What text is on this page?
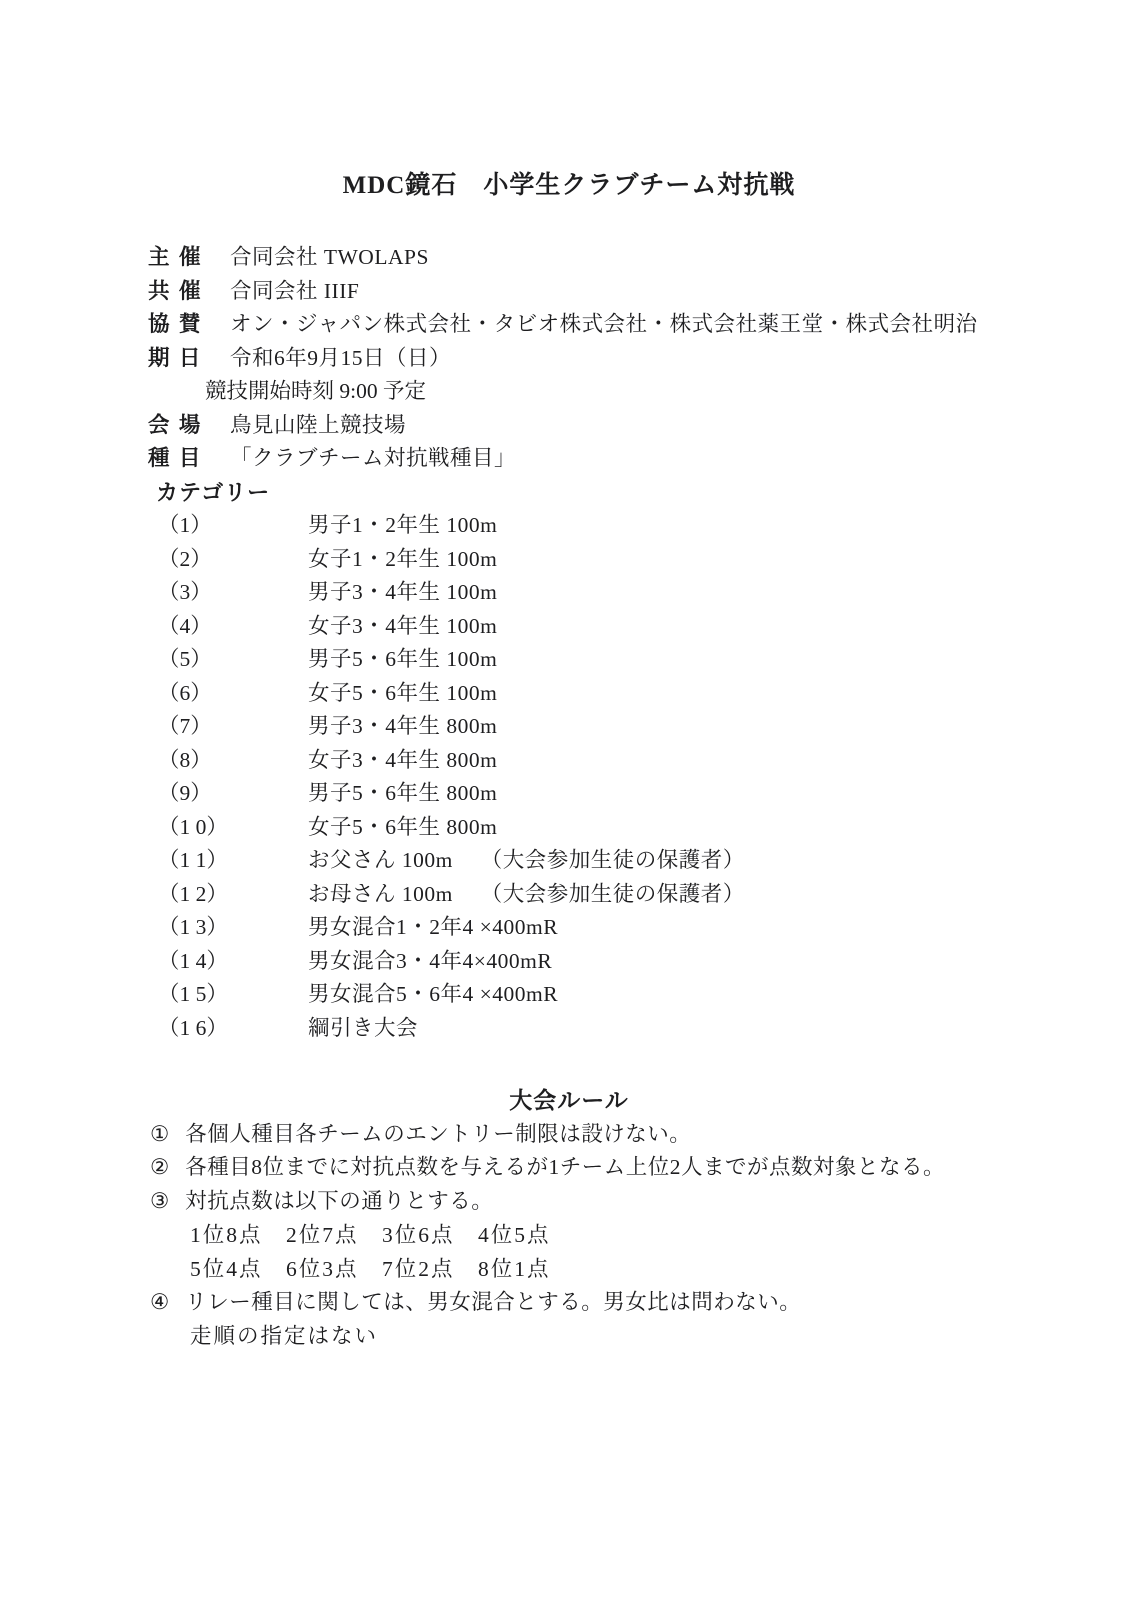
MDC鏡石　小学生クラブチーム対抗戦
主 催	合同会社 TWOLAPS
共 催	合同会社 IIIF
協 賛	オン・ジャパン株式会社・タビオ株式会社・株式会社薬王堂・株式会社明治
期 日	令和6年9月15日（日）
競技開始時刻 9:00 予定
会 場	鳥見山陸上競技場
種 目	「クラブチーム対抗戦種目」
カテゴリー
（1）	男子1・2年生 100m
（2）	女子1・2年生 100m
（3）	男子3・4年生 100m
（4）	女子3・4年生 100m
（5）	男子5・6年生 100m
（6）	女子5・6年生 100m
（7）	男子3・4年生 800m
（8）	女子3・4年生 800m
（9）	男子5・6年生 800m
（1 0）	女子5・6年生 800m
（1 1）	お父さん 100m　 （大会参加生徒の保護者）
（1 2）	お母さん 100m　 （大会参加生徒の保護者）
（1 3）	男女混合1・2年4 ×400mR
（1 4）	男女混合3・4年4×400mR
（1 5）	男女混合5・6年4 ×400mR
（1 6）	綱引き大会
大会ルール
① 各個人種目各チームのエントリー制限は設けない。
② 各種目8位までに対抗点数を与えるが1チーム上位2人までが点数対象となる。
③ 対抗点数は以下の通りとする。
1位8点　2位7点　3位6点　4位5点
5位4点　6位3点　7位2点　8位1点
④ リレー種目に関しては、男女混合とする。男女比は問わない。
走順の指定はない
